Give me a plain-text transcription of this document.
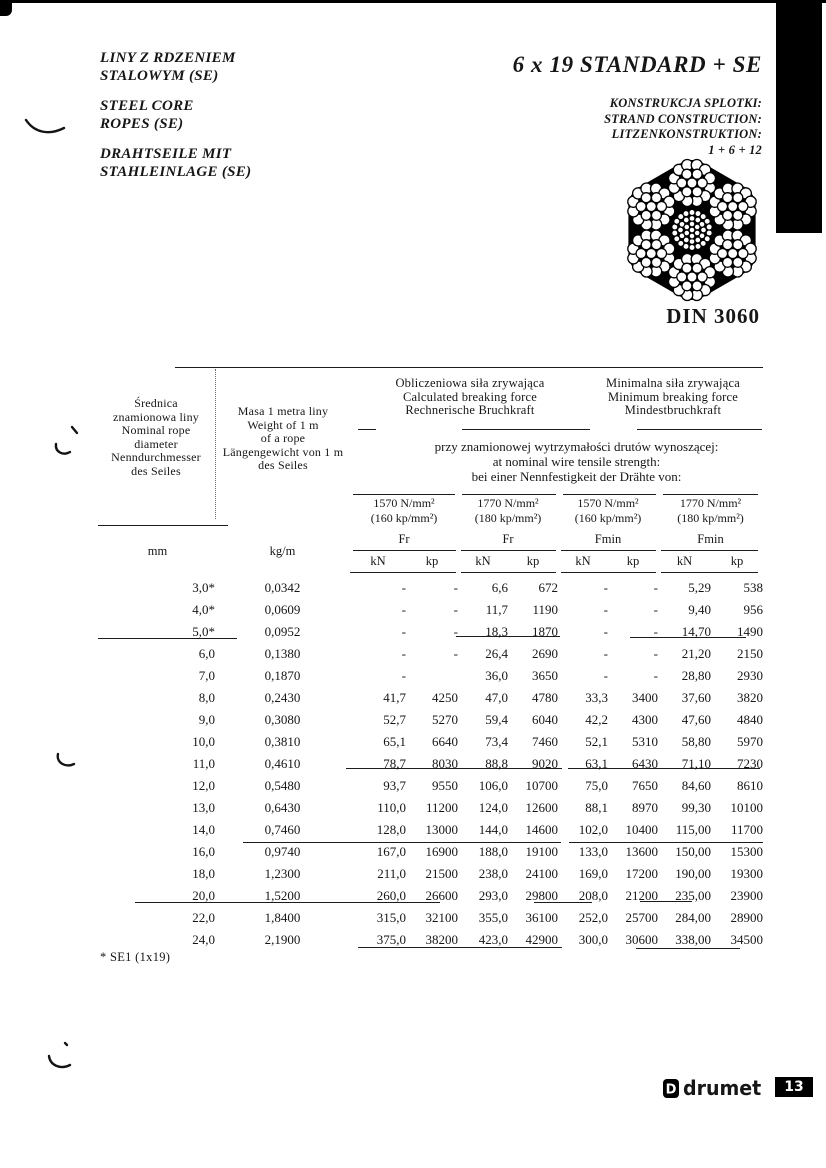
LINY Z RDZENIEM
STALOWYM (SE)
STEEL CORE
ROPES (SE)
DRAHTSEILE MIT
STAHLEINLAGE (SE)
6 x 19 STANDARD + SE
KONSTRUKCJA SPLOTKI:
STRAND CONSTRUCTION:
LITZENKONSTRUKTION:
1 + 6 + 12
DIN 3060
Średnica
znamionowa liny
Nominal rope
diameter
Nenndurchmesser
des Seiles
Masa 1 metra liny
Weight of 1 m
of a rope
Längengewicht von 1 m
des Seiles
Obliczeniowa siła zrywająca
Calculated breaking force
Rechnerische Bruchkraft
Minimalna siła zrywająca
Minimum breaking force
Mindestbruchkraft
przy znamionowej wytrzymałości drutów wynoszącej:
at nominal wire tensile strength:
bei einer Nennfestigkeit der Drähte von:
1570 N/mm²
(160 kp/mm²)
1770 N/mm²
(180 kp/mm²)
1570 N/mm²
(160 kp/mm²)
1770 N/mm²
(180 kp/mm²)
Fr	Fr	Fmin	Fmin
mm	kg/m
kN	kp	kN	kp	kN	kp	kN	kp
3,0*	0,0342	-	-	6,6	672	-	-	5,29	538
4,0*	0,0609	-	-	11,7	1190	-	-	9,40	956
5,0*	0,0952	-	-	18,3	1870	-	-	14,70	1490
6,0	0,1380	-	-	26,4	2690	-	-	21,20	2150
7,0	0,1870	-		36,0	3650	-	-	28,80	2930
8,0	0,2430	41,7	4250	47,0	4780	33,3	3400	37,60	3820
9,0	0,3080	52,7	5270	59,4	6040	42,2	4300	47,60	4840
10,0	0,3810	65,1	6640	73,4	7460	52,1	5310	58,80	5970
11,0	0,4610	78,7	8030	88,8	9020	63,1	6430	71,10	7230
12,0	0,5480	93,7	9550	106,0	10700	75,0	7650	84,60	8610
13,0	0,6430	110,0	11200	124,0	12600	88,1	8970	99,30	10100
14,0	0,7460	128,0	13000	144,0	14600	102,0	10400	115,00	11700
16,0	0,9740	167,0	16900	188,0	19100	133,0	13600	150,00	15300
18,0	1,2300	211,0	21500	238,0	24100	169,0	17200	190,00	19300
20,0	1,5200	260,0	26600	293,0	29800	208,0	21200	235,00	23900
22,0	1,8400	315,0	32100	355,0	36100	252,0	25700	284,00	28900
24,0	2,1900	375,0	38200	423,0	42900	300,0	30600	338,00	34500
* SE1 (1x19)
D drumet 13
